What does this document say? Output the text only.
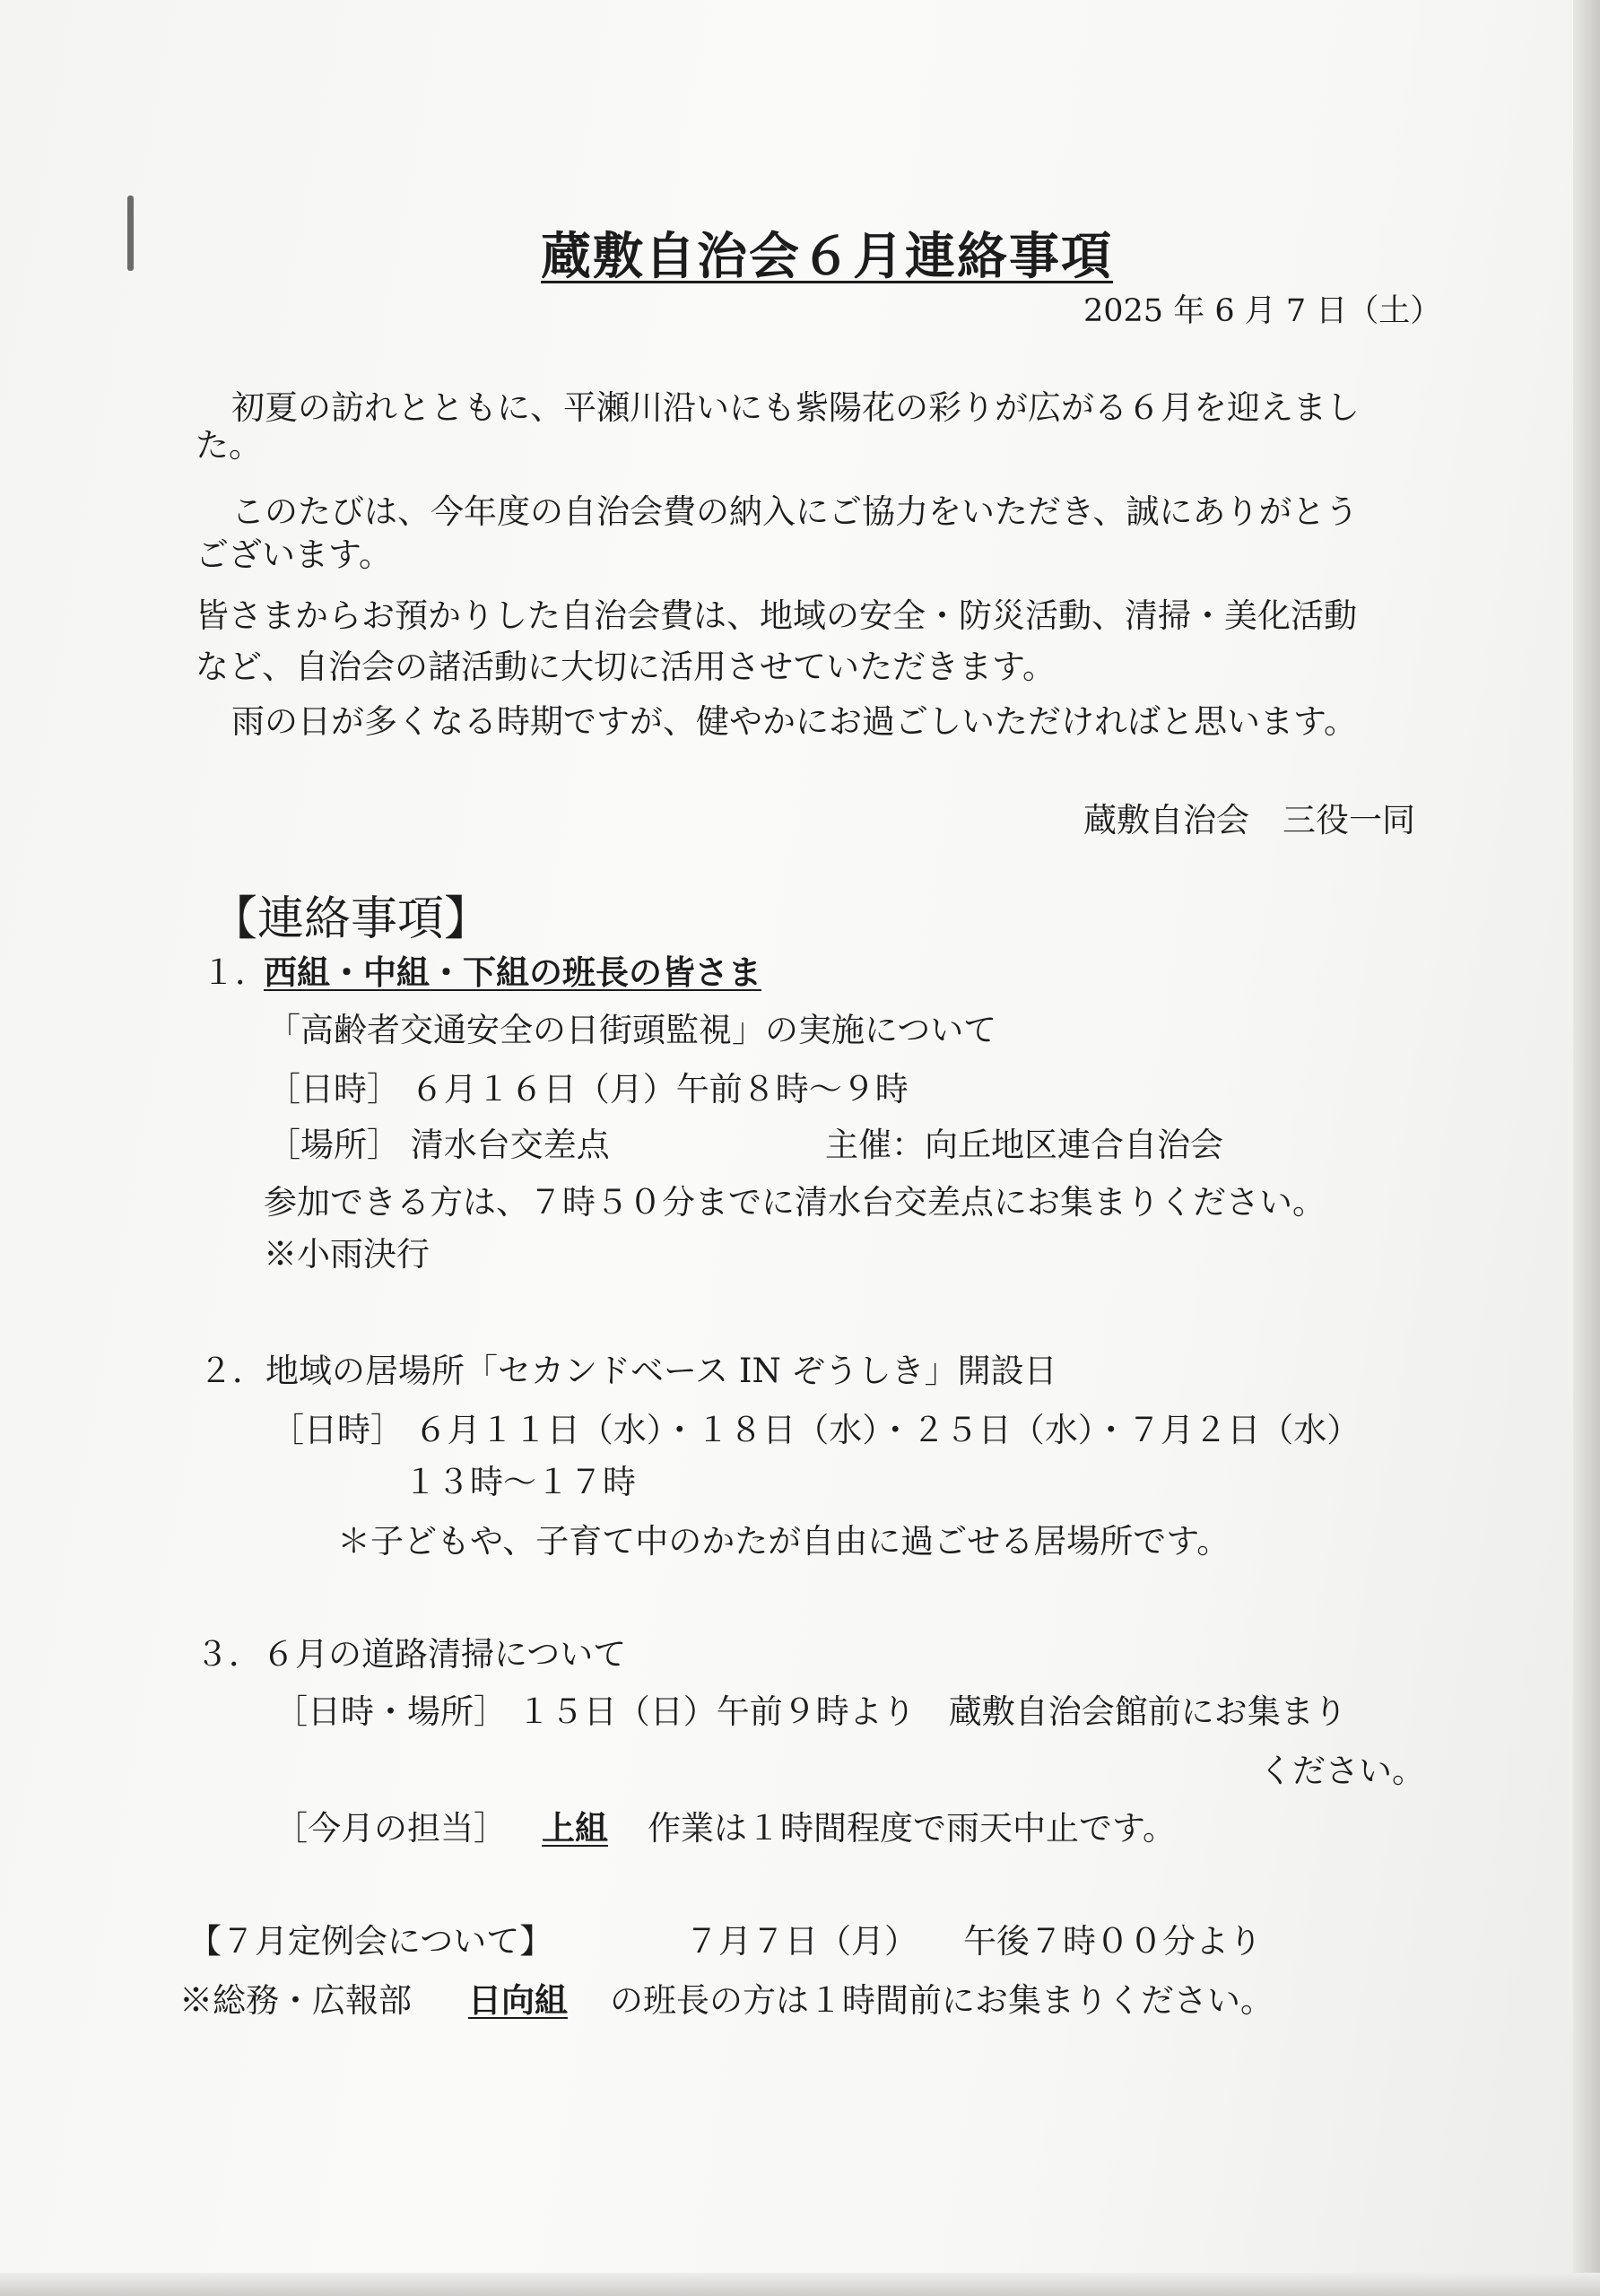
蔵敷自治会６月連絡事項
2025 年 6 月 7 日（土）
初夏の訪れとともに、平瀬川沿いにも紫陽花の彩りが広がる６月を迎えまし
た。
このたびは、今年度の自治会費の納入にご協力をいただき、誠にありがとう
ございます。
皆さまからお預かりした自治会費は、地域の安全・防災活動、清掃・美化活動
など、自治会の諸活動に大切に活用させていただきます。
雨の日が多くなる時期ですが、健やかにお過ごしいただければと思います。
蔵敷自治会　三役一同
【連絡事項】
１．
西組・中組・下組の班長の皆さま
「高齢者交通安全の日街頭監視」の実施について
［日時］ ６月１６日（月）午前８時～９時
［場所］ 清水台交差点	主催：向丘地区連合自治会
参加できる方は、７時５０分までに清水台交差点にお集まりください。
※小雨決行
２．地域の居場所「セカンドベース IN ぞうしき」開設日
［日時］ ６月１１日（水）・１８日（水）・２５日（水）・７月２日（水）
１３時～１７時
＊子どもや、子育て中のかたが自由に過ごせる居場所です。
３．６月の道路清掃について
［日時・場所］ １５日（日）午前９時より　蔵敷自治会館前にお集まり
ください。
［今月の担当］ 上組 作業は１時間程度で雨天中止です。
【７月定例会について】	７月７日（月） 午後７時００分より
※総務・広報部 日向組 の班長の方は１時間前にお集まりください。
